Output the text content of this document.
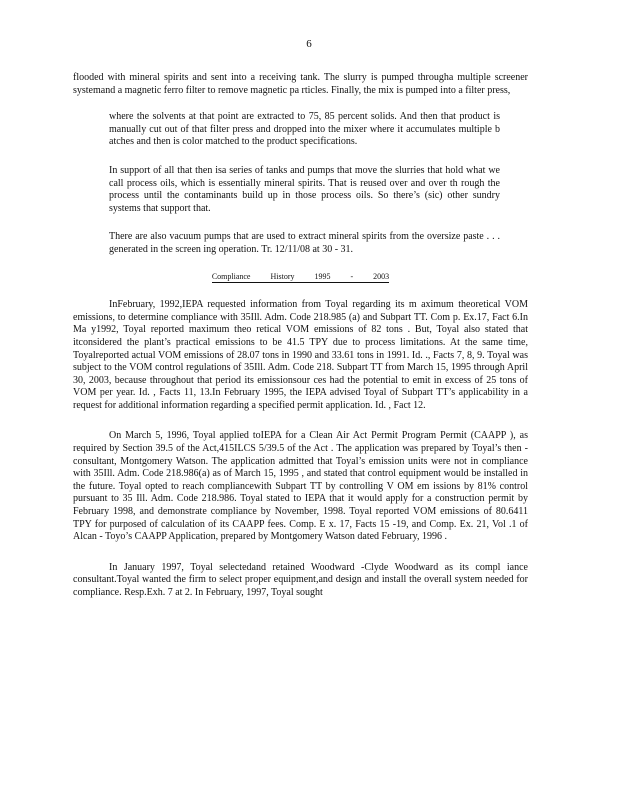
6

flooded with mineral spirits and sent into a receiving tank. The slurry is pumped througha multiple screener systemand a magnetic ferro filter to remove magnetic pa rticles. Finally, the mix is pumped into a filter press,

where the solvents at that point are extracted to 75, 85 percent solids. And then that product is manually cut out of that filter press and dropped into the mixer where it accumulates multiple b atches and then is color matched to the product specifications.

In support of all that then isa series of tanks and pumps that move the slurries that hold what we call process oils, which is essentially mineral spirits. That is reused over and over th rough the process until the contaminants build up in those process oils. So there’s (sic) other sundry systems that support that.

There are also vacuum pumps that are used to extract mineral spirits from the oversize paste . . . generated in the screen ing operation. Tr. 12/11/08 at 30 - 31.

Compliance History 1995 - 2003

InFebruary, 1992,IEPA requested information from Toyal regarding its m aximum theoretical VOM emissions, to determine compliance with 35Ill. Adm. Code 218.985 (a) and Subpart TT. Com p. Ex.17, Fact 6.In Ma y1992, Toyal reported maximum theo retical VOM emissions of 82 tons . But, Toyal also stated that itconsidered the plant’s practical emissions to be 41.5 TPY due to process limitations. At the same time, Toyalreported actual VOM emissions of 28.07 tons in 1990 and 33.61 tons in 1991. Id. ., Facts 7, 8, 9. Toyal was subject to the VOM control regulations of 35Ill. Adm. Code 218. Subpart TT from March 15, 1995 through April 30, 2003, because throughout that period its emissionsour ces had the potential to emit in excess of 25 tons of VOM per year. Id. , Facts 11, 13.In February 1995, the IEPA advised Toyal of Subpart TT’s applicability in a request for additional information regarding a specified permit application. Id. , Fact 12.

On March 5, 1996, Toyal applied toIEPA for a Clean Air Act Permit Program Permit (CAAPP ), as required by Section 39.5 of the Act,415ILCS 5/39.5 of the Act . The application was prepared by Toyal’s then - consultant, Montgomery Watson. The application admitted that Toyal’s emission units were not in compliance with 35Ill. Adm. Code 218.986(a) as of March 15, 1995 , and stated that control equipment would be installed in the future. Toyal opted to reach compliancewith Subpart TT by controlling V OM em issions by 81% control pursuant to 35 Ill. Adm. Code 218.986. Toyal stated to IEPA that it would apply for a construction permit by February 1998, and demonstrate compliance by November, 1998. Toyal reported VOM emissions of 80.6411 TPY for purposed of calculation of its CAAPP fees. Comp. E x. 17, Facts 15 -19, and Comp. Ex. 21, Vol .1 of Alcan - Toyo’s CAAPP Application, prepared by Montgomery Watson dated February, 1996 .

In January 1997, Toyal selectedand retained Woodward -Clyde Woodward as its compl iance consultant.Toyal wanted the firm to select proper equipment,and design and install the overall system needed for compliance. Resp.Exh. 7 at 2. In February, 1997, Toyal sought
